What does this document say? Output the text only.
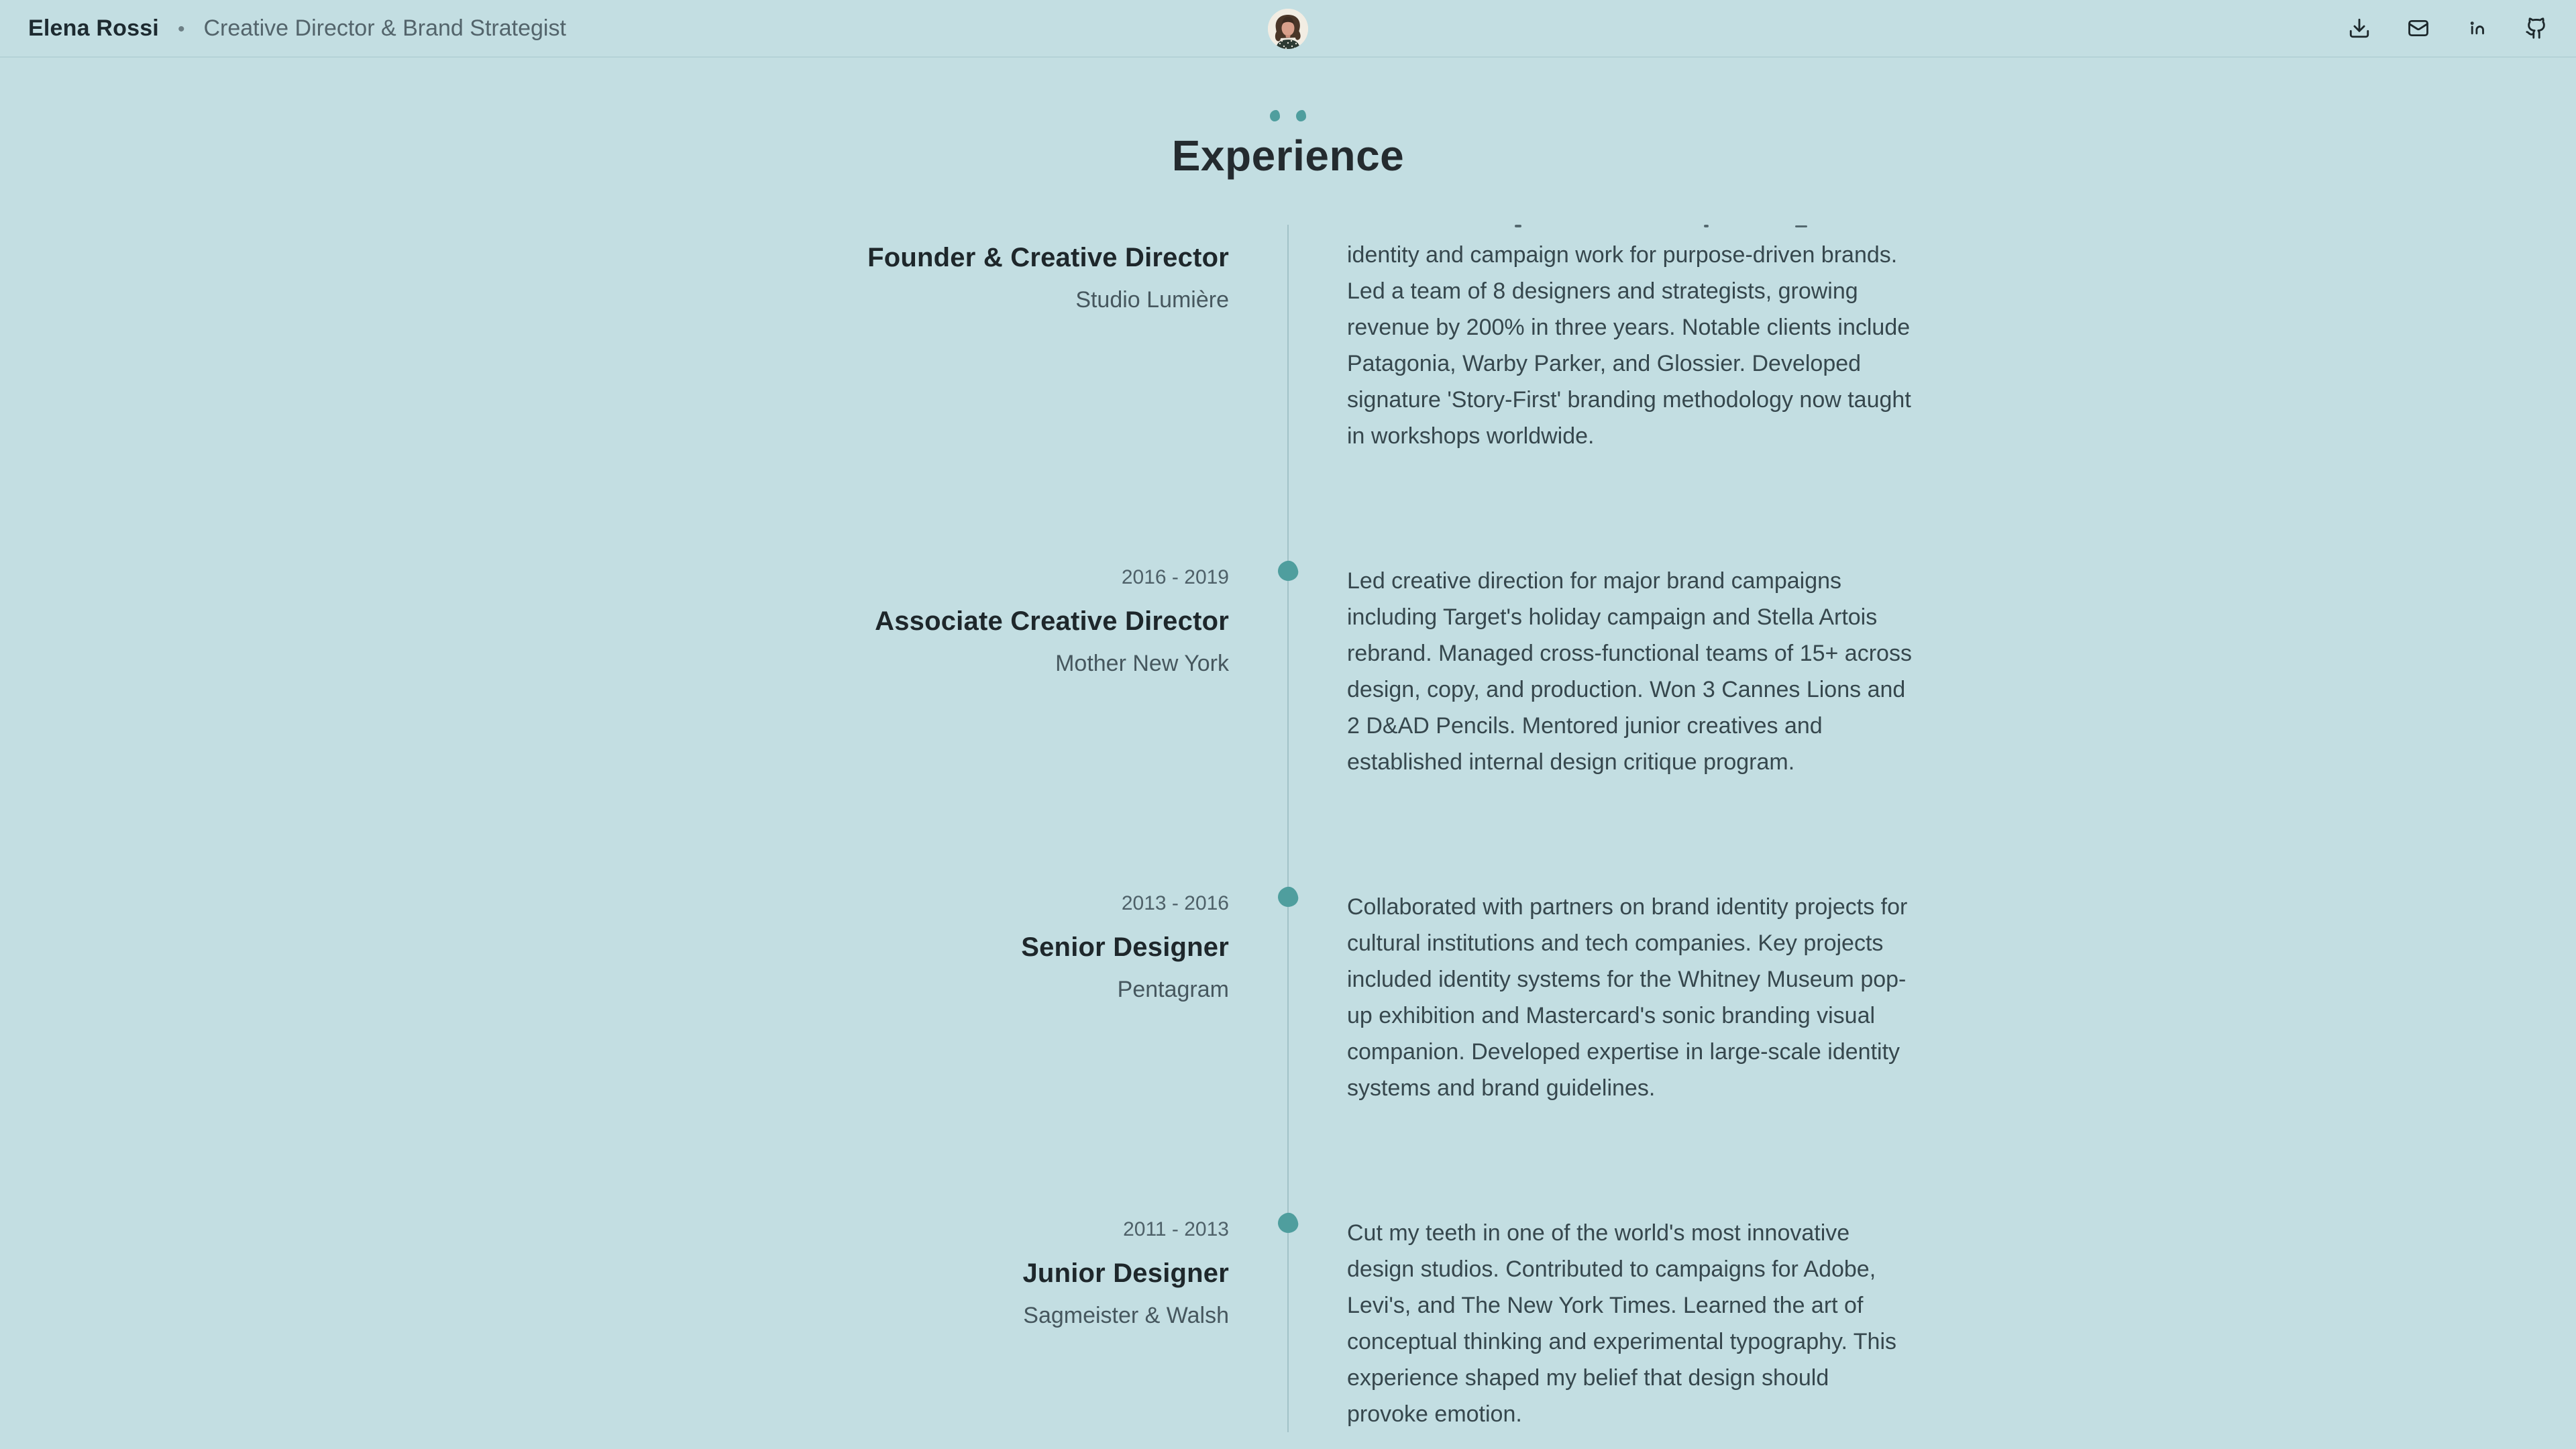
Elena Rossi • Creative Director & Brand Strategist
Experience
Founder & Creative Director

Studio Lumière

identity and campaign work for purpose-driven brands. Led a team of 8 designers and strategists, growing revenue by 200% in three years. Notable clients include Patagonia, Warby Parker, and Glossier. Developed signature 'Story-First' branding methodology now taught in workshops worldwide.

2016 - 2019

Associate Creative Director

Mother New York

Led creative direction for major brand campaigns including Target's holiday campaign and Stella Artois rebrand. Managed cross-functional teams of 15+ across design, copy, and production. Won 3 Cannes Lions and 2 D&AD Pencils. Mentored junior creatives and established internal design critique program.

2013 - 2016

Senior Designer

Pentagram

Collaborated with partners on brand identity projects for cultural institutions and tech companies. Key projects included identity systems for the Whitney Museum pop-up exhibition and Mastercard's sonic branding visual companion. Developed expertise in large-scale identity systems and brand guidelines.

2011 - 2013

Junior Designer

Sagmeister & Walsh

Cut my teeth in one of the world's most innovative design studios. Contributed to campaigns for Adobe, Levi's, and The New York Times. Learned the art of conceptual thinking and experimental typography. This experience shaped my belief that design should provoke emotion.
